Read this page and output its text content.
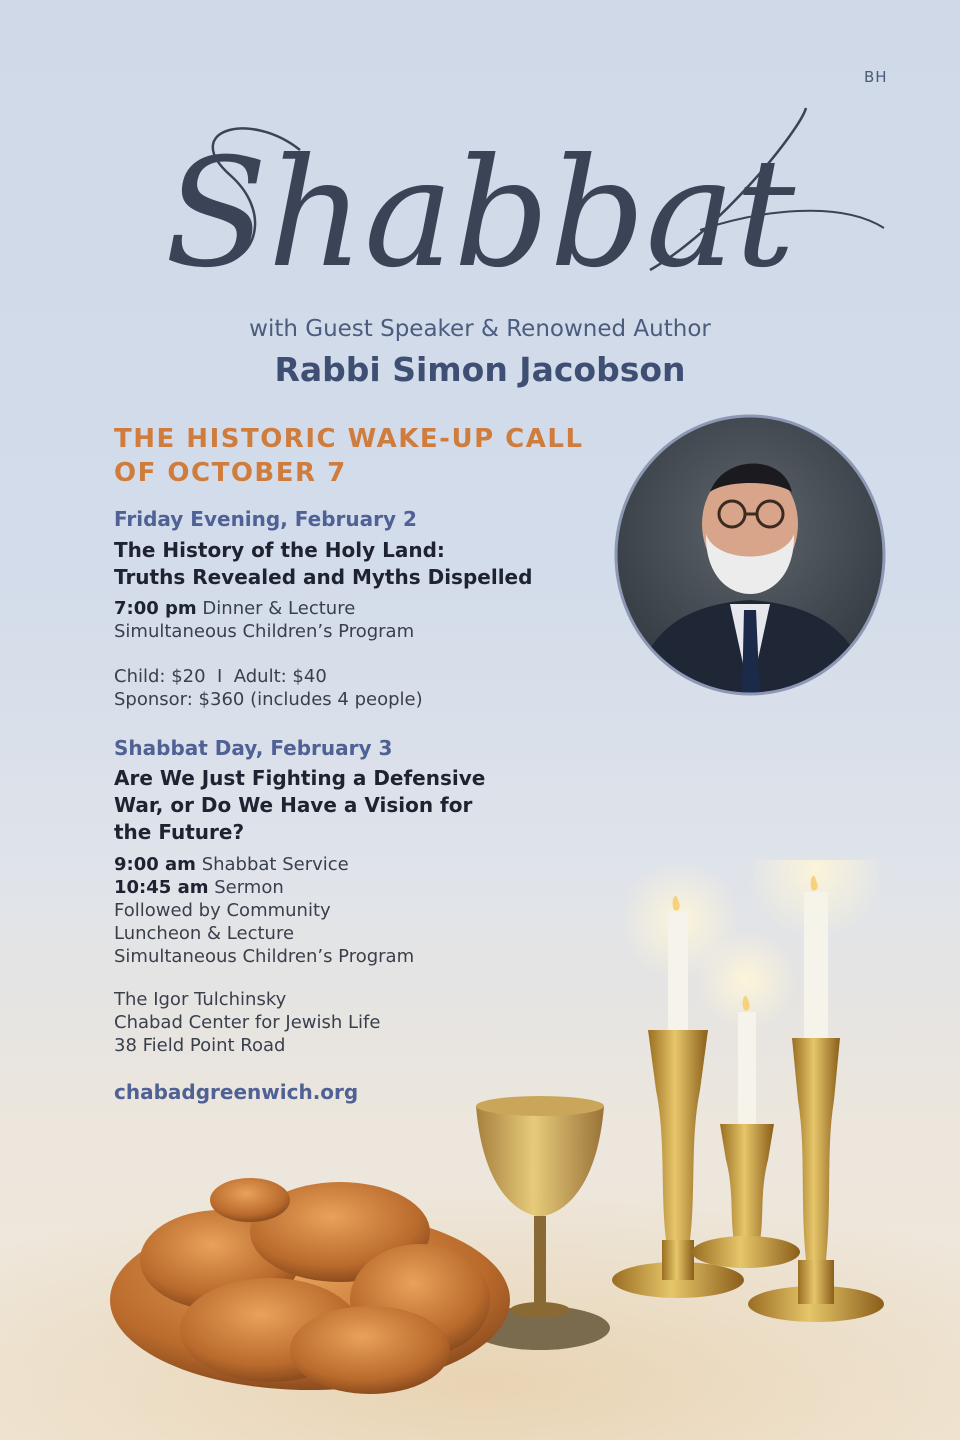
BH
Shabbat
with Guest Speaker & Renowned Author
Rabbi Simon Jacobson
THE HISTORIC WAKE-UP CALL
OF OCTOBER 7
Friday Evening, February 2
The History of the Holy Land:
Truths Revealed and Myths Dispelled
7:00 pm Dinner & Lecture
Simultaneous Children’s Program
Child: $20  I  Adult: $40
Sponsor: $360 (includes 4 people)
Shabbat Day, February 3
Are We Just Fighting a Defensive
War, or Do We Have a Vision for
the Future?
9:00 am Shabbat Service
10:45 am Sermon
Followed by Community
Luncheon & Lecture
Simultaneous Children’s Program
The Igor Tulchinsky
Chabad Center for Jewish Life
38 Field Point Road
chabadgreenwich.org
